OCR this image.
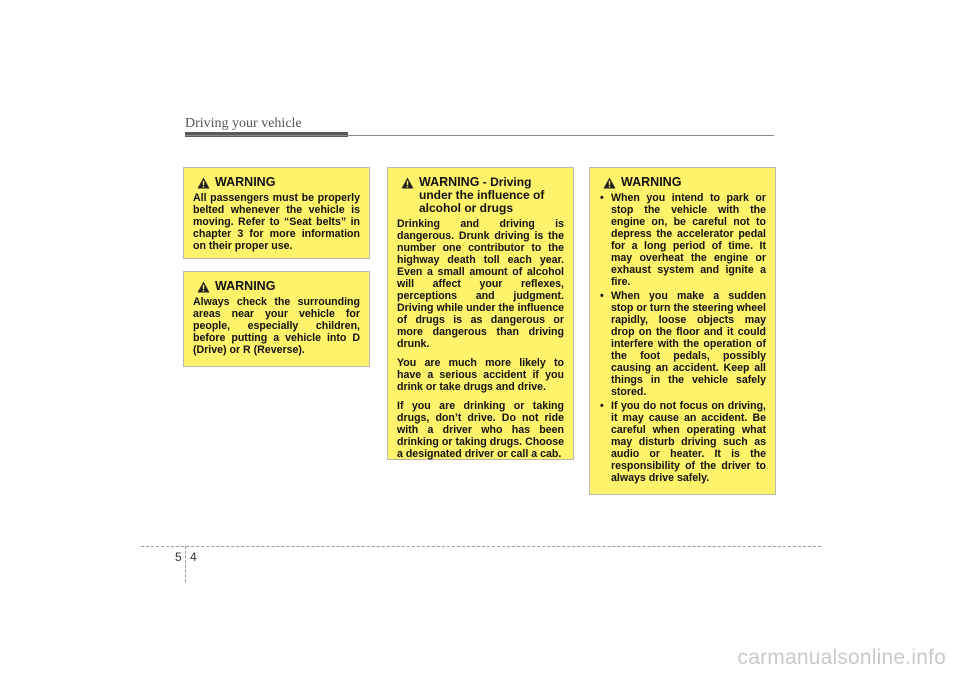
Driving your vehicle
WARNING

All passengers must be properly belted whenever the vehicle is moving. Refer to “Seat belts” in chapter 3 for more information on their proper use.

WARNING

Always check the surrounding areas near your vehicle for people, especially children, before putting a vehicle into D (Drive) or R (Reverse).

WARNING - Driving under the influence of alcohol or drugs

Drinking and driving is dangerous. Drunk driving is the number one contributor to the highway death toll each year. Even a small amount of alcohol will affect your reflexes, perceptions and judgment. Driving while under the influence of drugs is as dangerous or more dangerous than driving drunk.

You are much more likely to have a serious accident if you drink or take drugs and drive.

If you are drinking or taking drugs, don’t drive. Do not ride with a driver who has been drinking or taking drugs. Choose a designated driver or call a cab.

WARNING
• When you intend to park or stop the vehicle with the engine on, be careful not to depress the accelerator pedal for a long period of time. It may overheat the engine or exhaust system and ignite a fire.
• When you make a sudden stop or turn the steering wheel rapidly, loose objects may drop on the floor and it could interfere with the operation of the foot pedals, possibly causing an accident. Keep all things in the vehicle safely stored.
• If you do not focus on driving, it may cause an accident. Be careful when operating what may disturb driving such as audio or heater. It is the responsibility of the driver to always drive safely.
5 4
carmanualsonline.info
